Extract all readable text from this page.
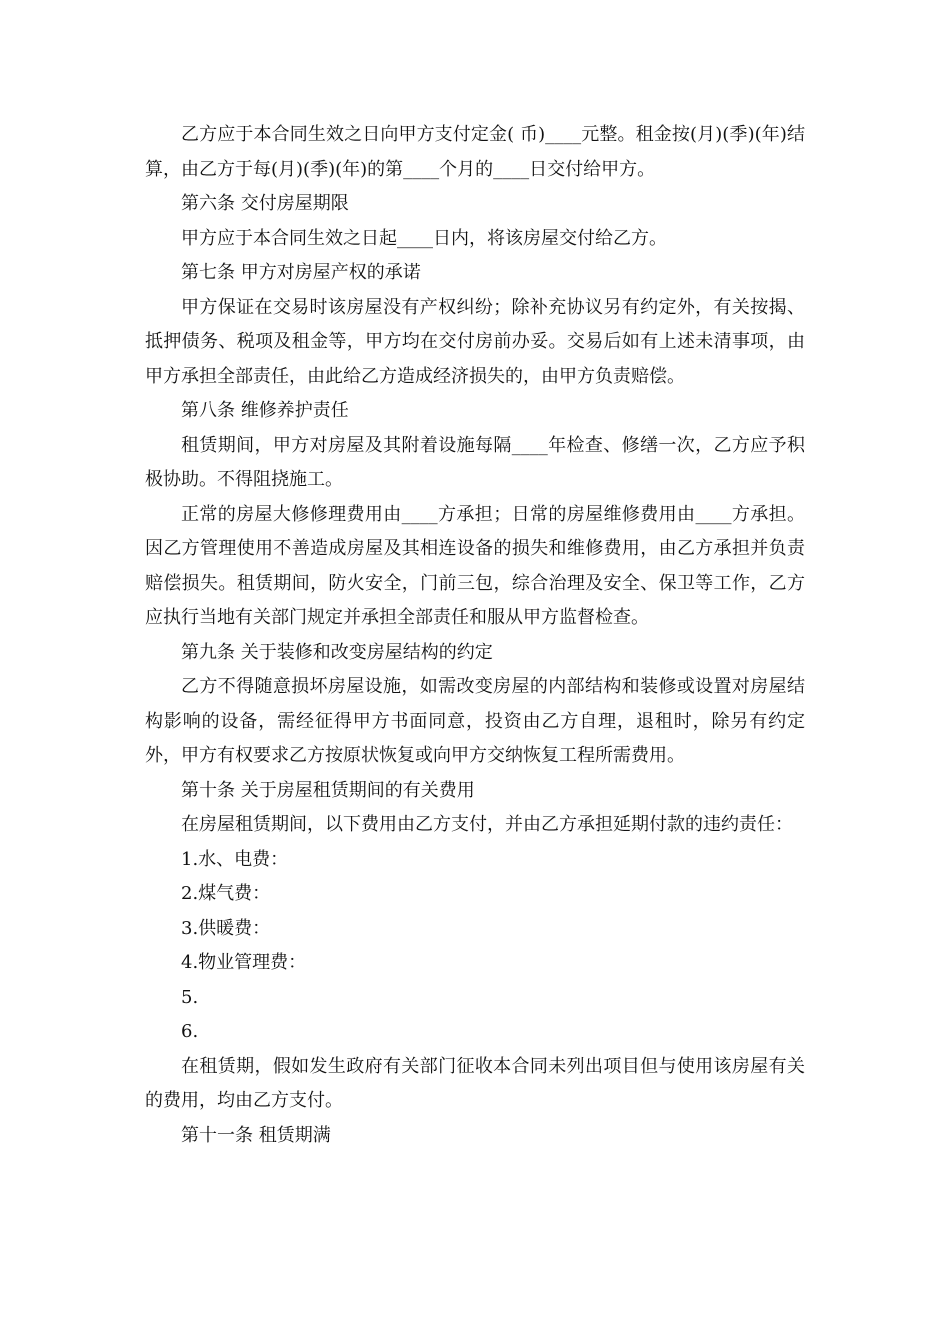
乙方应于本合同生效之日向甲方支付定金( 币)____元整。租金按(月)(季)(年)结算，由乙方于每(月)(季)(年)的第____个月的____日交付给甲方。

第六条 交付房屋期限

甲方应于本合同生效之日起____日内，将该房屋交付给乙方。

第七条 甲方对房屋产权的承诺

甲方保证在交易时该房屋没有产权纠纷；除补充协议另有约定外，有关按揭、抵押债务、税项及租金等，甲方均在交付房前办妥。交易后如有上述未清事项，由甲方承担全部责任，由此给乙方造成经济损失的，由甲方负责赔偿。

第八条 维修养护责任

租赁期间，甲方对房屋及其附着设施每隔____年检查、修缮一次，乙方应予积极协助。不得阻挠施工。

正常的房屋大修修理费用由____方承担；日常的房屋维修费用由____方承担。因乙方管理使用不善造成房屋及其相连设备的损失和维修费用，由乙方承担并负责赔偿损失。租赁期间，防火安全，门前三包，综合治理及安全、保卫等工作，乙方应执行当地有关部门规定并承担全部责任和服从甲方监督检查。

第九条 关于装修和改变房屋结构的约定

乙方不得随意损坏房屋设施，如需改变房屋的内部结构和装修或设置对房屋结构影响的设备，需经征得甲方书面同意，投资由乙方自理，退租时，除另有约定外，甲方有权要求乙方按原状恢复或向甲方交纳恢复工程所需费用。

第十条 关于房屋租赁期间的有关费用

在房屋租赁期间，以下费用由乙方支付，并由乙方承担延期付款的违约责任：

1.水、电费：

2.煤气费：

3.供暖费：

4.物业管理费：

5.

6.

在租赁期，假如发生政府有关部门征收本合同未列出项目但与使用该房屋有关的费用，均由乙方支付。

第十一条 租赁期满
